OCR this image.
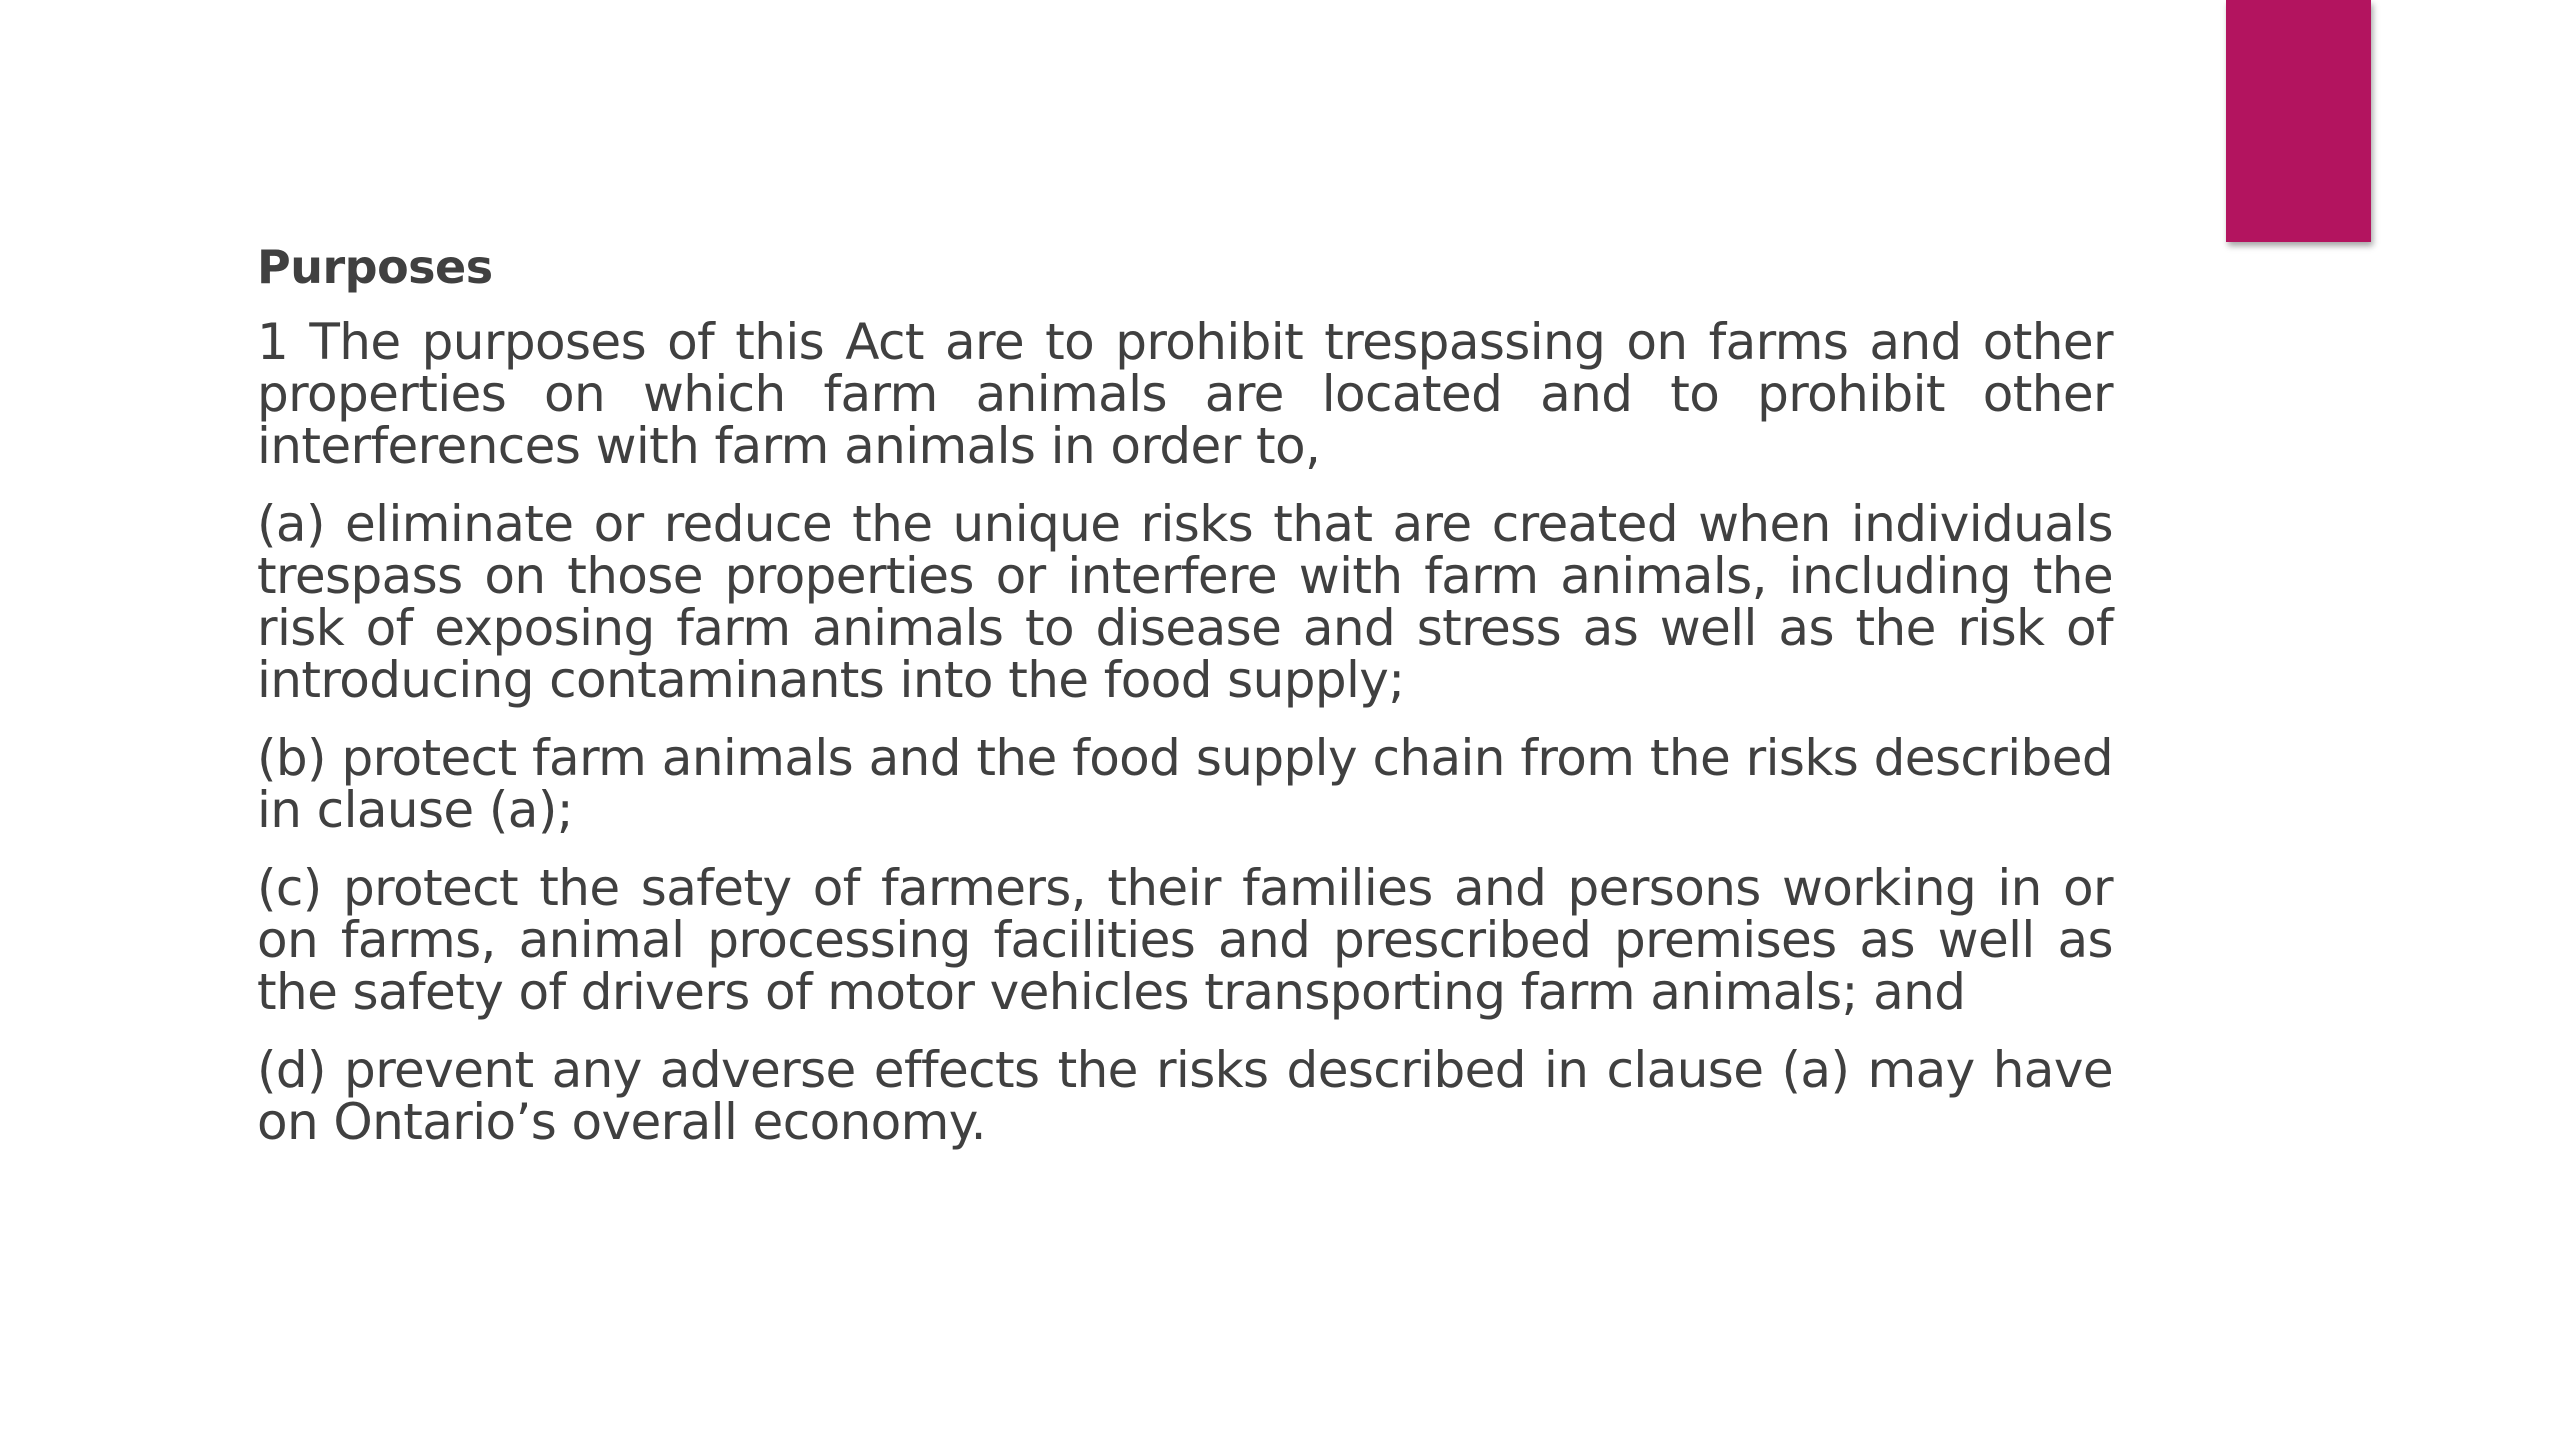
Purposes

1 The purposes of this Act are to prohibit trespassing on farms and other properties on which farm animals are located and to prohibit other interferences with farm animals in order to,

(a) eliminate or reduce the unique risks that are created when individuals trespass on those properties or interfere with farm animals, including the risk of exposing farm animals to disease and stress as well as the risk of introducing contaminants into the food supply;

(b) protect farm animals and the food supply chain from the risks described in clause (a);

(c) protect the safety of farmers, their families and persons working in or on farms, animal processing facilities and prescribed premises as well as the safety of drivers of motor vehicles transporting farm animals; and

(d) prevent any adverse effects the risks described in clause (a) may have on Ontario’s overall economy.
